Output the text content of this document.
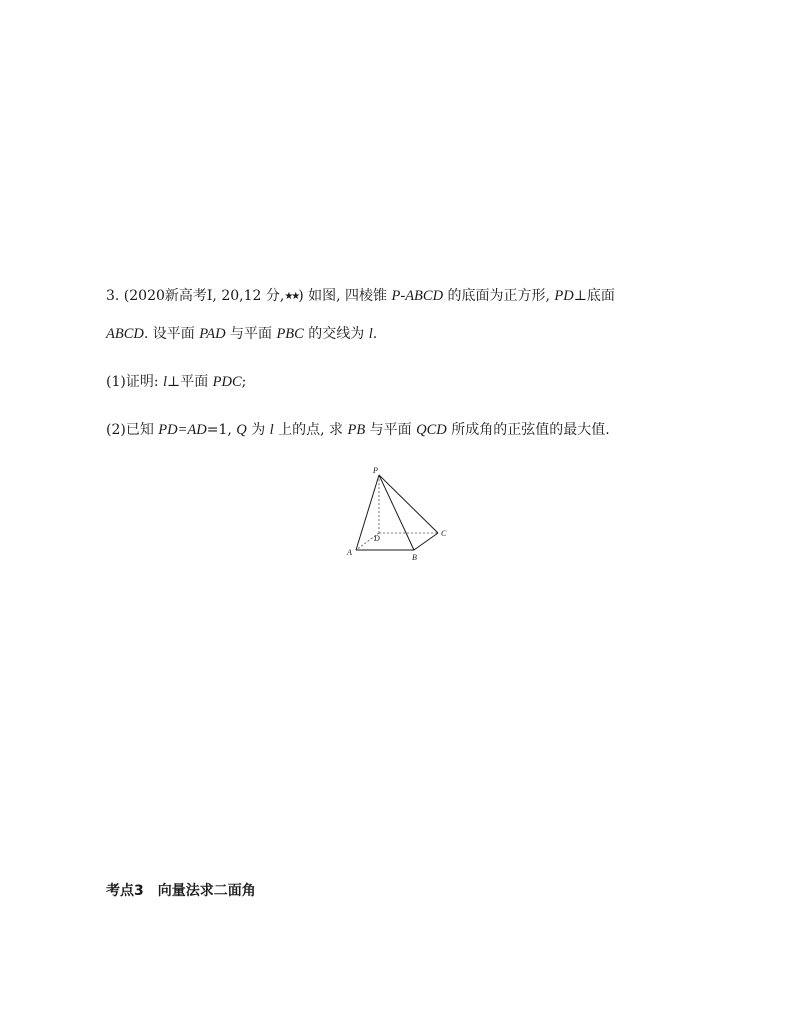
3. (2020新高考Ⅰ, 20,12 分,★★) 如图, 四棱锥 P-ABCD 的底面为正方形, PD⊥底面
ABCD. 设平面 PAD 与平面 PBC 的交线为 l.
(1)证明: l⊥平面 PDC;
(2)已知 PD=AD=1, Q 为 l 上的点, 求 PB 与平面 QCD 所成角的正弦值的最大值.
P
A
B
C
D
考点3 向量法求二面角
